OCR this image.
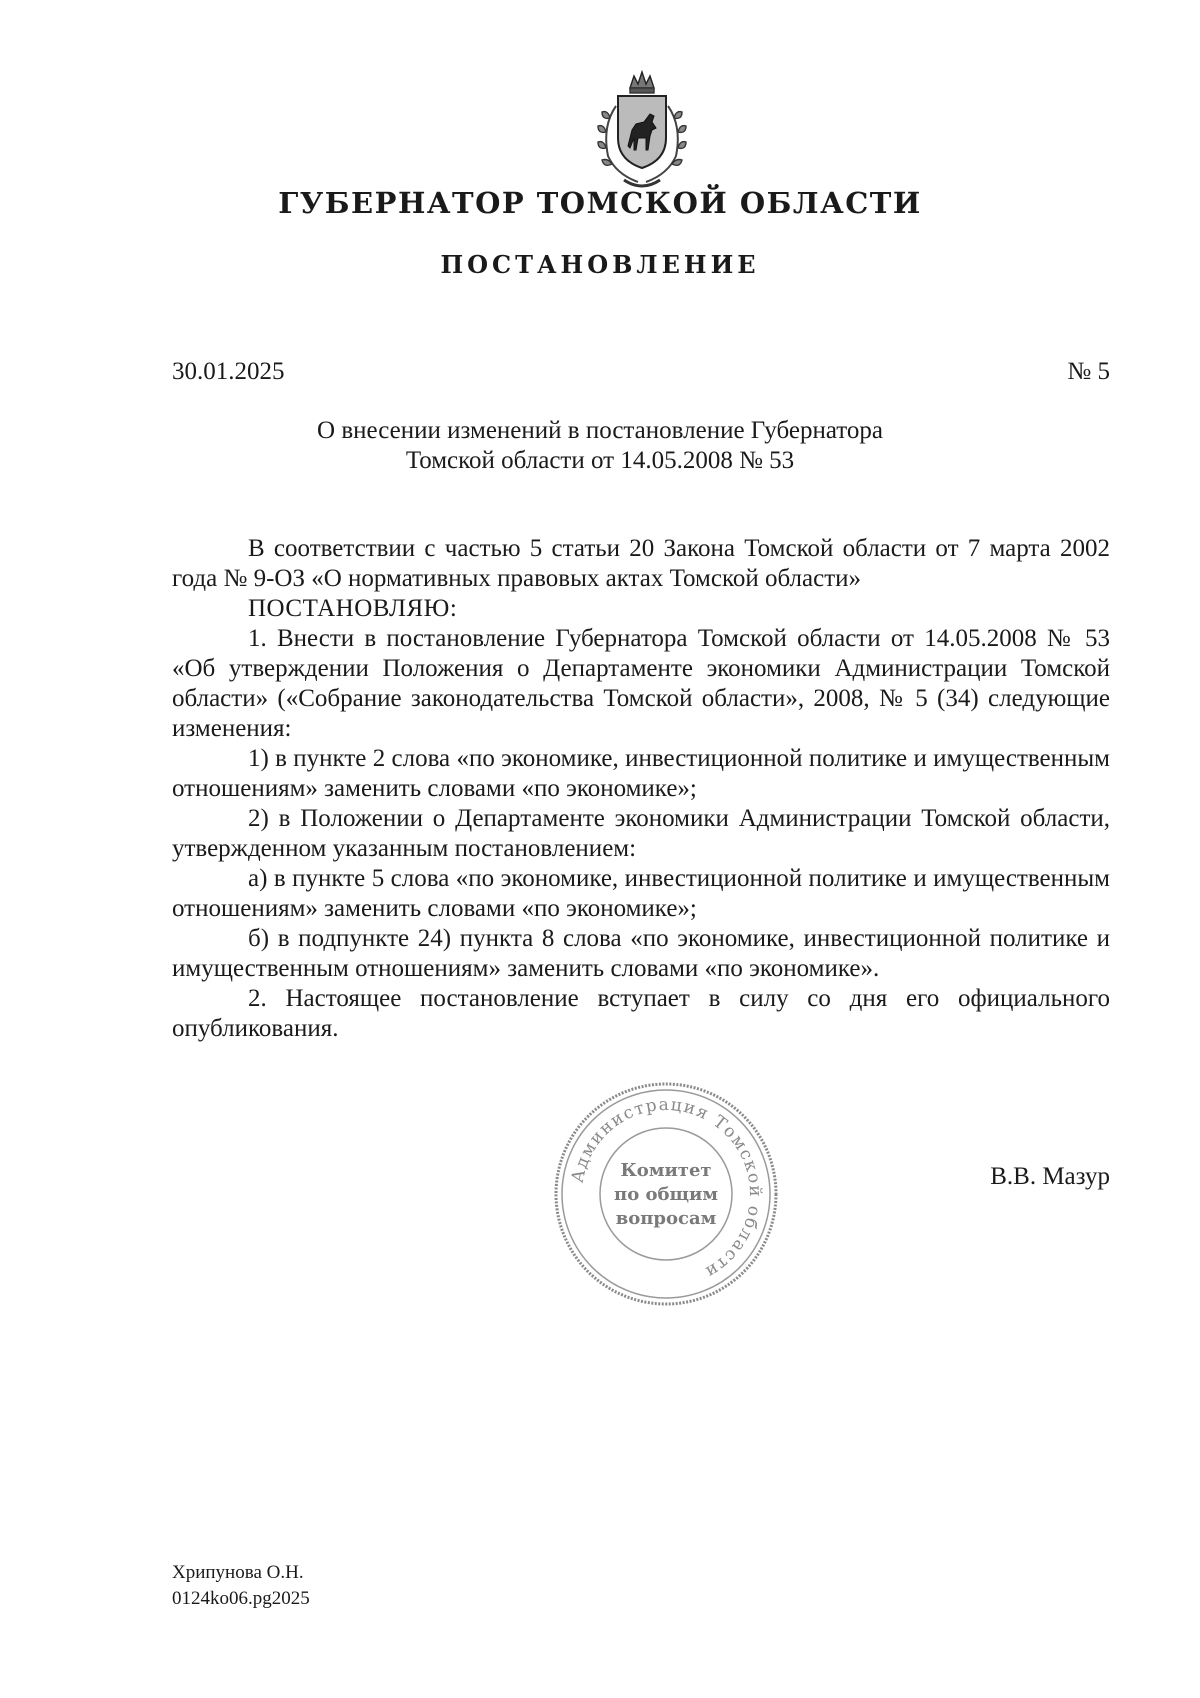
ГУБЕРНАТОР ТОМСКОЙ ОБЛАСТИ
ПОСТАНОВЛЕНИЕ
30.01.2025	№ 5
О внесении изменений в постановление Губернатора
Томской области от 14.05.2008 № 53

В соответствии с частью 5 статьи 20 Закона Томской области от 7 марта 2002 года № 9-ОЗ «О нормативных правовых актах Томской области»

ПОСТАНОВЛЯЮ:

1. Внести в постановление Губернатора Томской области от 14.05.2008 № 53 «Об утверждении Положения о Департаменте экономики Администрации Томской области» («Собрание законодательства Томской области», 2008, № 5 (34) следующие изменения:

1) в пункте 2 слова «по экономике, инвестиционной политике и имущественным отношениям» заменить словами «по экономике»;

2) в Положении о Департаменте экономики Администрации Томской области, утвержденном указанным постановлением:

а) в пункте 5 слова «по экономике, инвестиционной политике и имущественным отношениям» заменить словами «по экономике»;

б) в подпункте 24) пункта 8 слова «по экономике, инвестиционной политике и имущественным отношениям» заменить словами «по экономике».

2. Настоящее постановление вступает в силу со дня его официального опубликования.

Администрация Томской области
Комитет
по общим
вопросам
В.В. Мазур
Хрипунова О.Н.
0124ko06.pg2025
